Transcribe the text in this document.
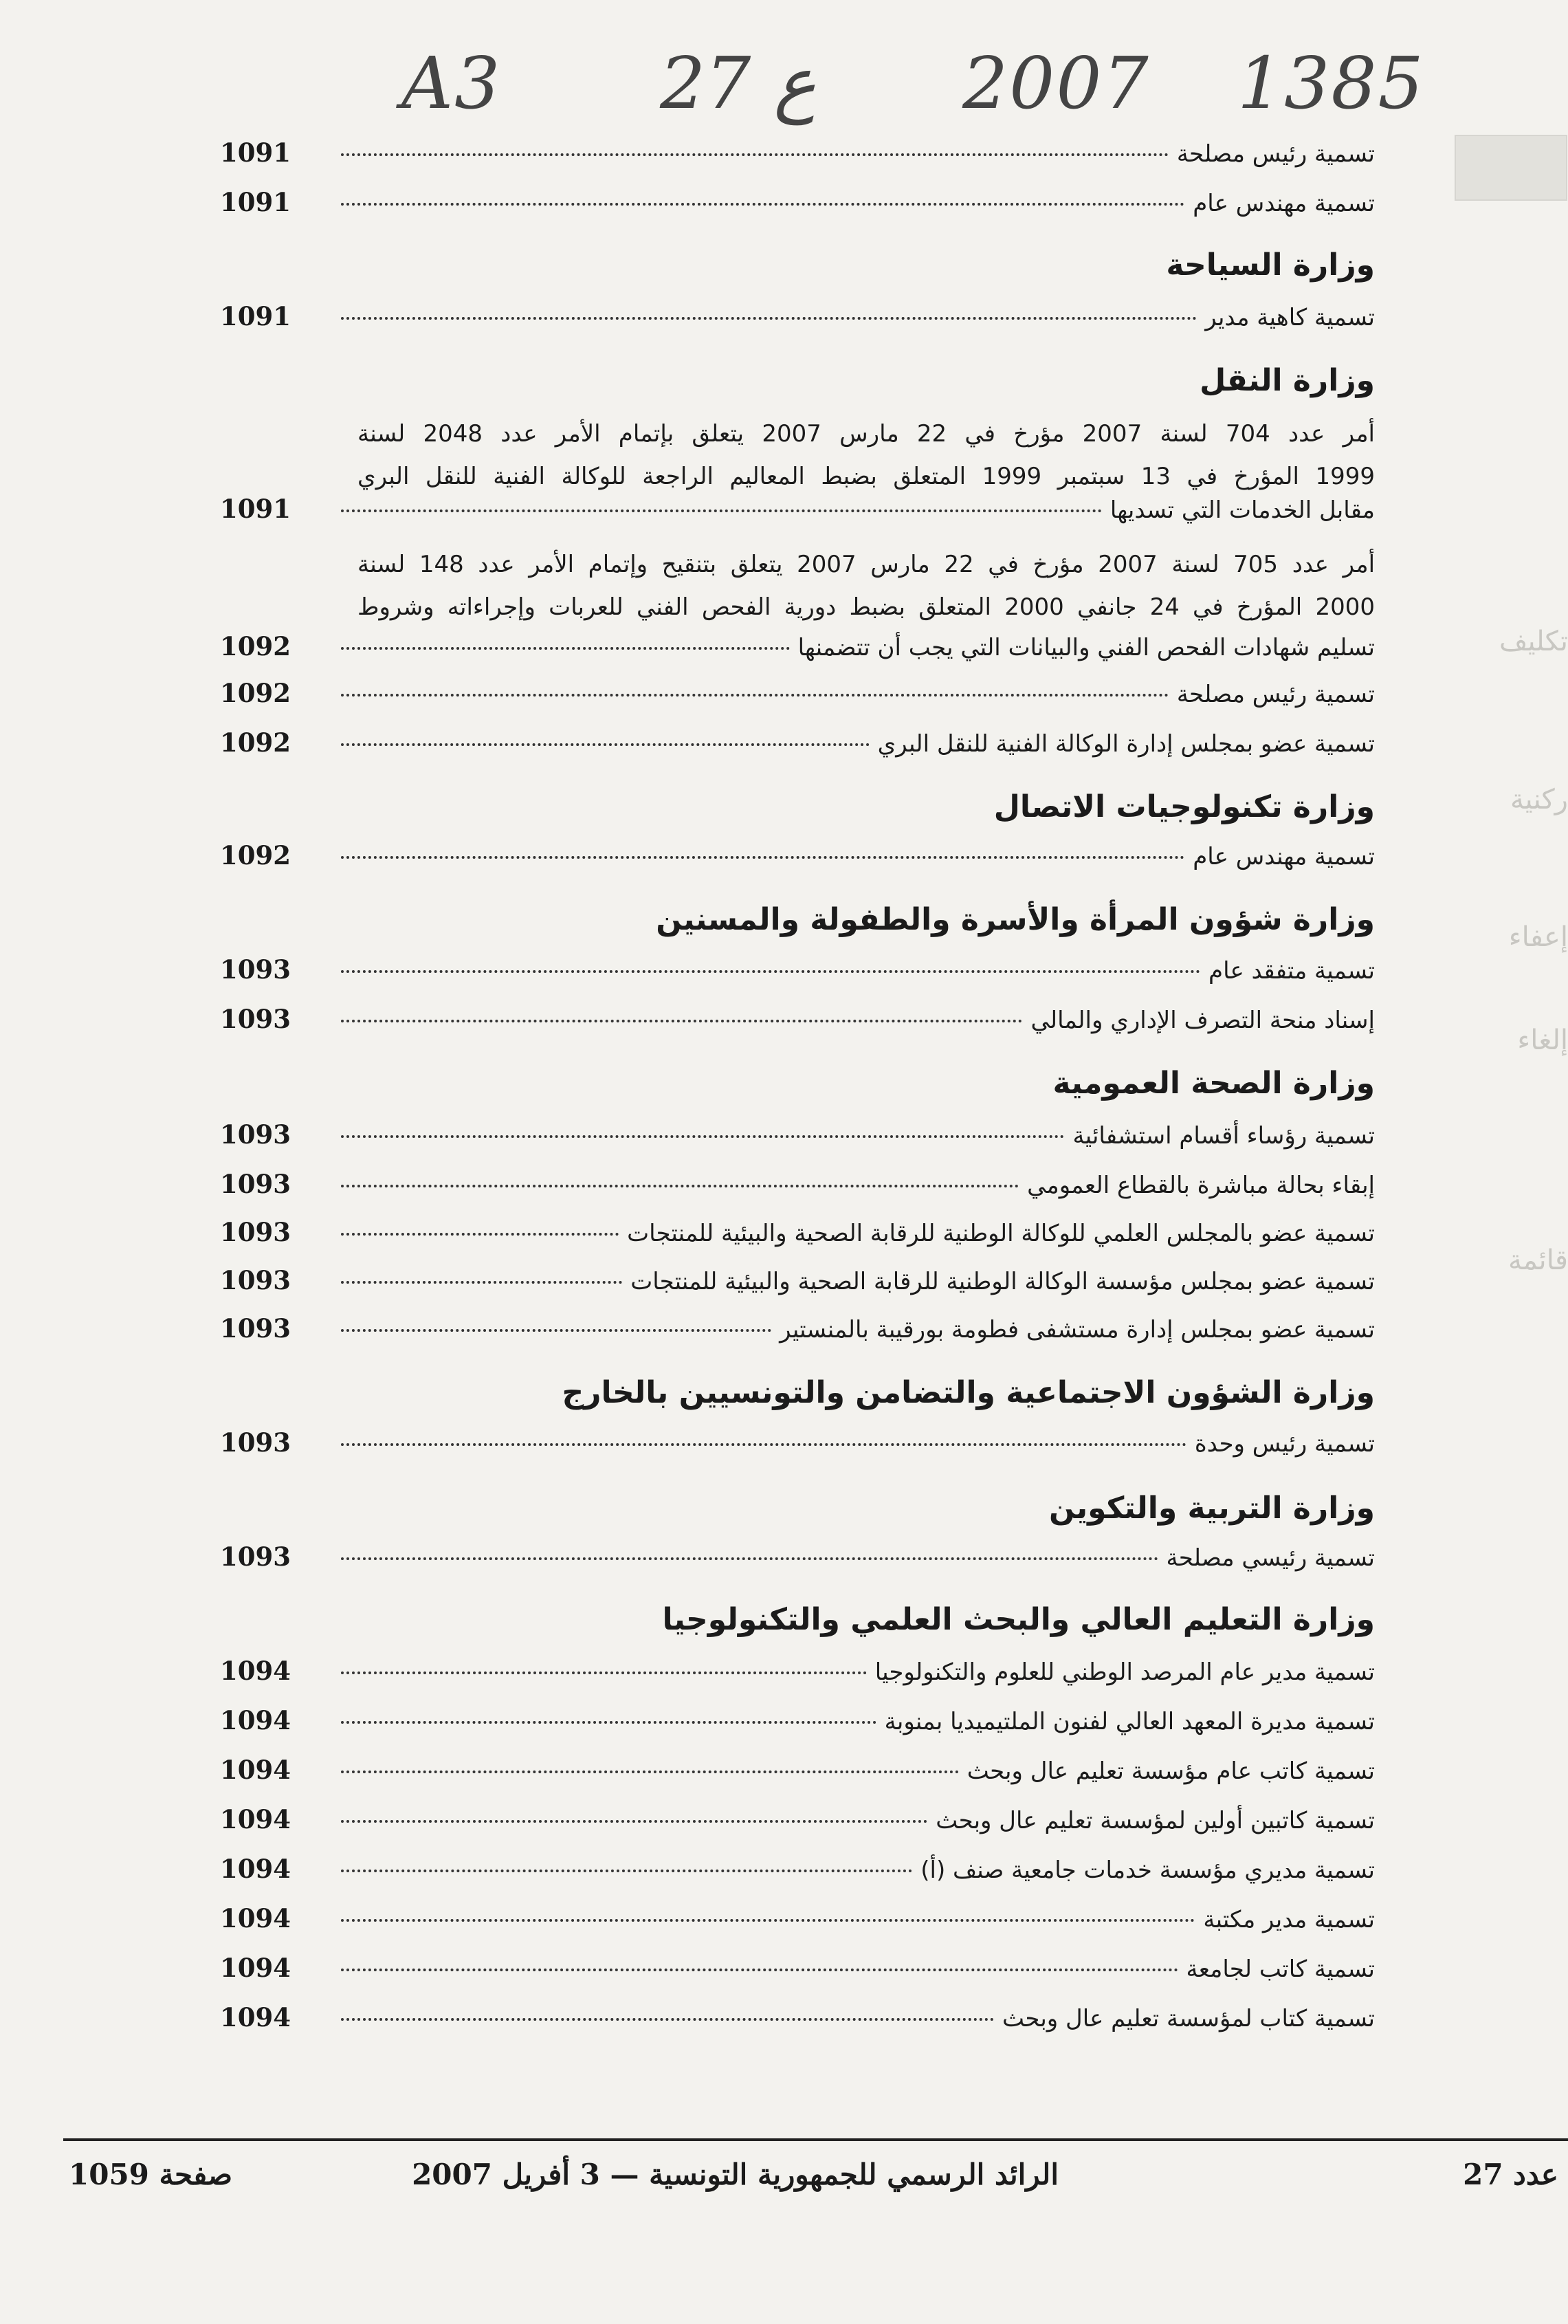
A3 27 ع 2007 1385
تكليف
ركنية
إعفاء
إلغاء
قائمة
تسمية رئيس مصلحة
1091
تسمية مهندس عام
1091
وزارة السياحة
تسمية كاهية مدير
1091
وزارة النقل
أمر عدد 704 لسنة 2007 مؤرخ في 22 مارس 2007 يتعلق بإتمام الأمر عدد 2048 لسنة
1999 المؤرخ في 13 سبتمبر 1999 المتعلق بضبط المعاليم الراجعة للوكالة الفنية للنقل البري
مقابل الخدمات التي تسديها
1091
أمر عدد 705 لسنة 2007 مؤرخ في 22 مارس 2007 يتعلق بتنقيح وإتمام الأمر عدد 148 لسنة
2000 المؤرخ في 24 جانفي 2000 المتعلق بضبط دورية الفحص الفني للعربات وإجراءاته وشروط
تسليم شهادات الفحص الفني والبيانات التي يجب أن تتضمنها
1092
تسمية رئيس مصلحة
1092
تسمية عضو بمجلس إدارة الوكالة الفنية للنقل البري
1092
وزارة تكنولوجيات الاتصال
تسمية مهندس عام
1092
وزارة شؤون المرأة والأسرة والطفولة والمسنين
تسمية متفقد عام
1093
إسناد منحة التصرف الإداري والمالي
1093
وزارة الصحة العمومية
تسمية رؤساء أقسام استشفائية
1093
إبقاء بحالة مباشرة بالقطاع العمومي
1093
تسمية عضو بالمجلس العلمي للوكالة الوطنية للرقابة الصحية والبيئية للمنتجات
1093
تسمية عضو بمجلس مؤسسة الوكالة الوطنية للرقابة الصحية والبيئية للمنتجات
1093
تسمية عضو بمجلس إدارة مستشفى فطومة بورقيبة بالمنستير
1093
وزارة الشؤون الاجتماعية والتضامن والتونسيين بالخارج
تسمية رئيس وحدة
1093
وزارة التربية والتكوين
تسمية رئيسي مصلحة
1093
وزارة التعليم العالي والبحث العلمي والتكنولوجيا
تسمية مدير عام المرصد الوطني للعلوم والتكنولوجيا
1094
تسمية مديرة المعهد العالي لفنون الملتيميديا بمنوبة
1094
تسمية كاتب عام مؤسسة تعليم عال وبحث
1094
تسمية كاتبين أولين لمؤسسة تعليم عال وبحث
1094
تسمية مديري مؤسسة خدمات جامعية صنف (أ)
1094
تسمية مدير مكتبة
1094
تسمية كاتب لجامعة
1094
تسمية كتاب لمؤسسة تعليم عال وبحث
1094
عدد 27
الرائد الرسمي للجمهورية التونسية — 3 أفريل 2007
صفحة 1059
